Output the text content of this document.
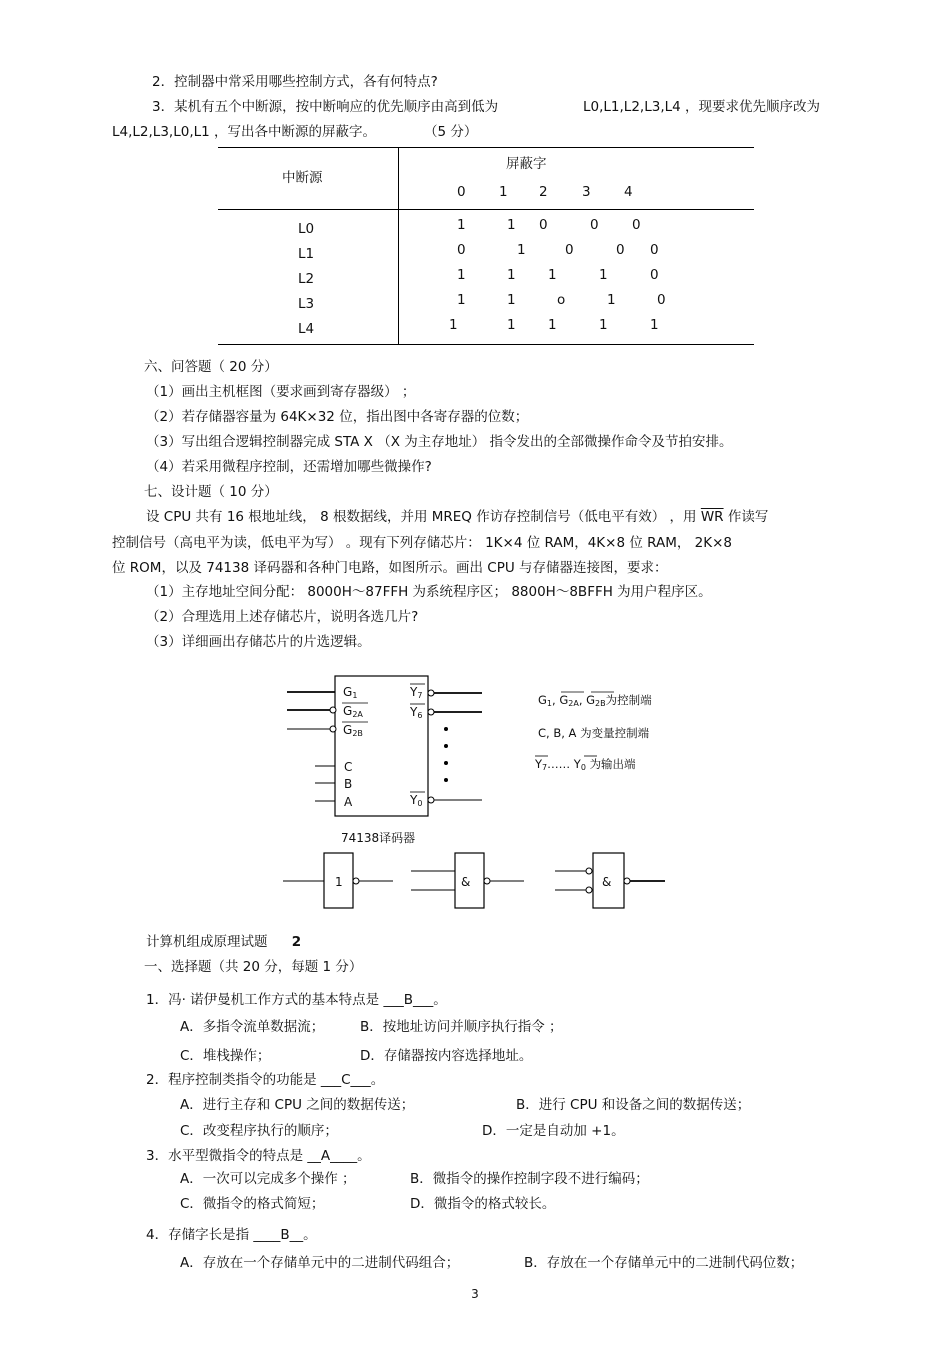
2．控制器中常采用哪些控制方式，各有何特点?
3．某机有五个中断源，按中断响应的优先顺序由高到低为	L0,L1,L2,L3,L4 ，现要求优先顺序改为
L4,L2,L3,L0,L1 ，写出各中断源的屏蔽字。	（5 分）
中断源
屏蔽字
0 1 2	3 4
L0	1	1 0	0 0
L1	0	1	0	0 0
L2	1	1 1	1	0
L3	1	1	o	1	0
L4	1	1 1	1	1
六、问答题（ 20 分）
（1）画出主机框图（要求画到寄存器级） ；
（2）若存储器容量为 64K×32 位，指出图中各寄存器的位数；
（3）写出组合逻辑控制器完成 STA X （X 为主存地址） 指令发出的全部微操作命令及节拍安排。
（4）若采用微程序控制，还需增加哪些微操作?
七、设计题（ 10 分）
设 CPU 共有 16 根地址线， 8 根数据线，并用 MREQ 作访存控制信号（低电平有效） ，用 $\overline{WR}$ 作读写
控制信号（高电平为读，低电平为写） 。现有下列存储芯片： 1K×4 位 RAM，4K×8 位 RAM， 2K×8
位 ROM，以及 74138 译码器和各种门电路，如图所示。画出 CPU 与存储器连接图，要求：
（1）主存地址空间分配： 8000H～87FFH 为系统程序区； 8800H～8BFFH 为用户程序区。
（2）合理选用上述存储芯片，说明各选几片?
（3）详细画出存储芯片的片选逻辑。
G1
G2A
G2B
C
B
A
Y7
Y6
Y0
74138译码器
G1, G2A, G2B为控制端
C, B, A 为变量控制端
Y7…… Y0 为输出端
1	&	&
计算机组成原理试题 2
一、选择题（共 20 分，每题 1 分）
1．冯· 诺伊曼机工作方式的基本特点是 ___B___。
A．多指令流单数据流；	B．按地址访问并顺序执行指令 ；
C．堆栈操作；	D．存储器按内容选择地址。
2．程序控制类指令的功能是 ___C___。
A．进行主存和 CPU 之间的数据传送；	B．进行 CPU 和设备之间的数据传送；
C．改变程序执行的顺序；	D．一定是自动加 +1。
3．水平型微指令的特点是 __A____。
A．一次可以完成多个操作 ；	B．微指令的操作控制字段不进行编码；
C．微指令的格式简短；	D．微指令的格式较长。
4．存储字长是指 ____B__。
A．存放在一个存储单元中的二进制代码组合；	B．存放在一个存储单元中的二进制代码位数；
3
